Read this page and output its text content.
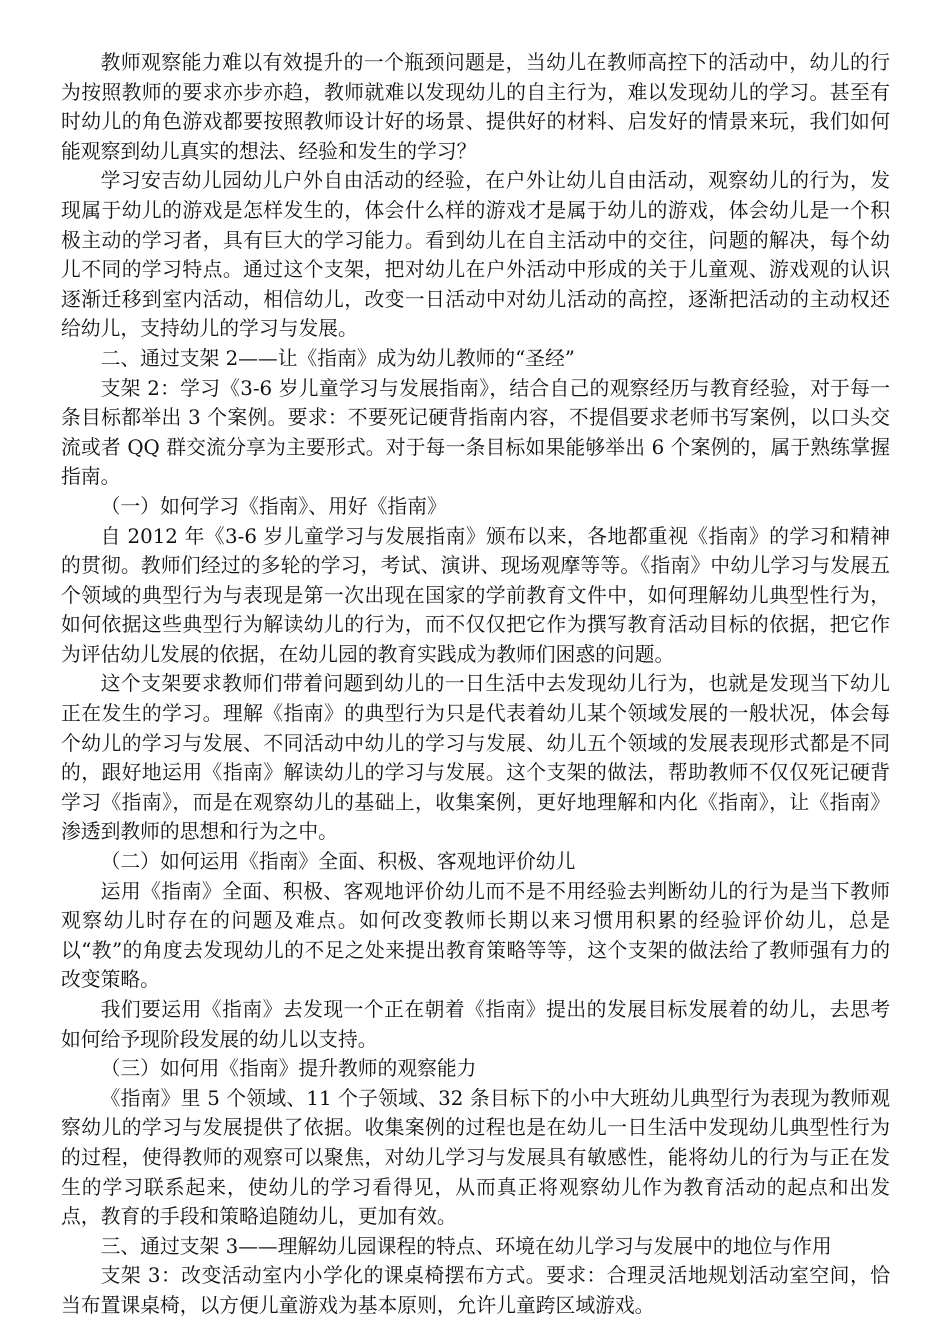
教师观察能力难以有效提升的一个瓶颈问题是，当幼儿在教师高控下的活动中，幼儿的行为按照教师的要求亦步亦趋，教师就难以发现幼儿的自主行为，难以发现幼儿的学习。甚至有时幼儿的角色游戏都要按照教师设计好的场景、提供好的材料、启发好的情景来玩，我们如何能观察到幼儿真实的想法、经验和发生的学习？

学习安吉幼儿园幼儿户外自由活动的经验，在户外让幼儿自由活动，观察幼儿的行为，发现属于幼儿的游戏是怎样发生的，体会什么样的游戏才是属于幼儿的游戏，体会幼儿是一个积极主动的学习者，具有巨大的学习能力。看到幼儿在自主活动中的交往，问题的解决，每个幼儿不同的学习特点。通过这个支架，把对幼儿在户外活动中形成的关于儿童观、游戏观的认识逐渐迁移到室内活动，相信幼儿，改变一日活动中对幼儿活动的高控，逐渐把活动的主动权还给幼儿，支持幼儿的学习与发展。

二、通过支架 2——让《指南》成为幼儿教师的“圣经”

支架 2：学习《3-6 岁儿童学习与发展指南》，结合自己的观察经历与教育经验，对于每一条目标都举出 3 个案例。要求：不要死记硬背指南内容，不提倡要求老师书写案例，以口头交流或者 QQ 群交流分享为主要形式。对于每一条目标如果能够举出 6 个案例的，属于熟练掌握指南。

（一）如何学习《指南》、用好《指南》

自 2012 年《3-6 岁儿童学习与发展指南》颁布以来，各地都重视《指南》的学习和精神的贯彻。教师们经过的多轮的学习，考试、演讲、现场观摩等等。《指南》中幼儿学习与发展五个领域的典型行为与表现是第一次出现在国家的学前教育文件中，如何理解幼儿典型性行为，如何依据这些典型行为解读幼儿的行为，而不仅仅把它作为撰写教育活动目标的依据，把它作为评估幼儿发展的依据，在幼儿园的教育实践成为教师们困惑的问题。

这个支架要求教师们带着问题到幼儿的一日生活中去发现幼儿行为，也就是发现当下幼儿正在发生的学习。理解《指南》的典型行为只是代表着幼儿某个领域发展的一般状况，体会每个幼儿的学习与发展、不同活动中幼儿的学习与发展、幼儿五个领域的发展表现形式都是不同的，跟好地运用《指南》解读幼儿的学习与发展。这个支架的做法，帮助教师不仅仅死记硬背学习《指南》，而是在观察幼儿的基础上，收集案例，更好地理解和内化《指南》，让《指南》渗透到教师的思想和行为之中。

（二）如何运用《指南》全面、积极、客观地评价幼儿

运用《指南》全面、积极、客观地评价幼儿而不是不用经验去判断幼儿的行为是当下教师观察幼儿时存在的问题及难点。如何改变教师长期以来习惯用积累的经验评价幼儿，总是以“教”的角度去发现幼儿的不足之处来提出教育策略等等，这个支架的做法给了教师强有力的改变策略。

我们要运用《指南》去发现一个正在朝着《指南》提出的发展目标发展着的幼儿，去思考如何给予现阶段发展的幼儿以支持。

（三）如何用《指南》提升教师的观察能力

《指南》里 5 个领域、11 个子领域、32 条目标下的小中大班幼儿典型行为表现为教师观察幼儿的学习与发展提供了依据。收集案例的过程也是在幼儿一日生活中发现幼儿典型性行为的过程，使得教师的观察可以聚焦，对幼儿学习与发展具有敏感性，能将幼儿的行为与正在发生的学习联系起来，使幼儿的学习看得见，从而真正将观察幼儿作为教育活动的起点和出发点，教育的手段和策略追随幼儿，更加有效。

三、通过支架 3——理解幼儿园课程的特点、环境在幼儿学习与发展中的地位与作用

支架 3：改变活动室内小学化的课桌椅摆布方式。要求：合理灵活地规划活动室空间，恰当布置课桌椅，以方便儿童游戏为基本原则，允许儿童跨区域游戏。
